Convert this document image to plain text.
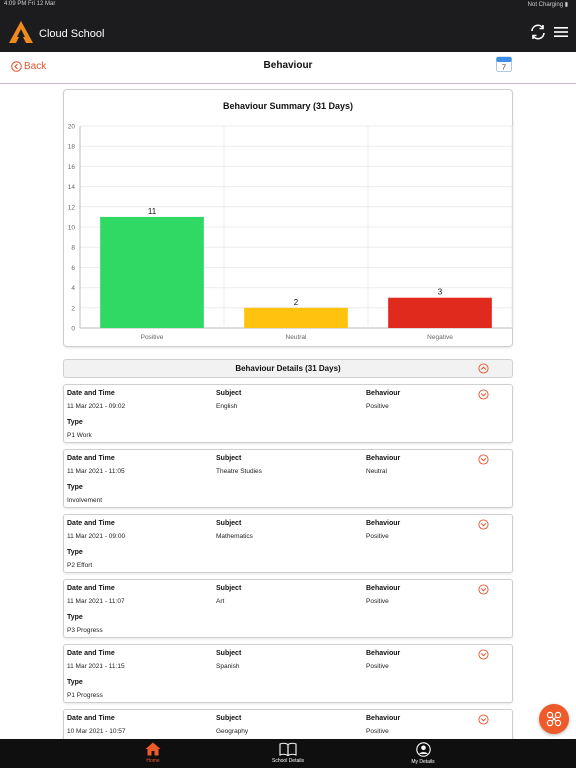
4:09 PM Fri 12 Mar	Not Charging ▮
Cloud School
Back	Behaviour	7
Behaviour Summary (31 Days)
0
2
4
6
8
10
12
14
16
18
20
11
Positive
2
Neutral
3
Negative
Behaviour Details (31 Days)
Date and Time	Subject	Behaviour
11 Mar 2021 - 09:02	English	Positive
Type
P1 Work
Date and Time	Subject	Behaviour
11 Mar 2021 - 11:05	Theatre Studies	Neutral
Type
Involvement
Date and Time	Subject	Behaviour
11 Mar 2021 - 09:00	Mathematics	Positive
Type
P2 Effort
Date and Time	Subject	Behaviour
11 Mar 2021 - 11:07	Art	Positive
Type
P3 Progress
Date and Time	Subject	Behaviour
11 Mar 2021 - 11:15	Spanish	Positive
Type
P1 Progress
Date and Time	Subject	Behaviour
10 Mar 2021 - 10:57	Geography	Positive
Home	School Details	My Details
